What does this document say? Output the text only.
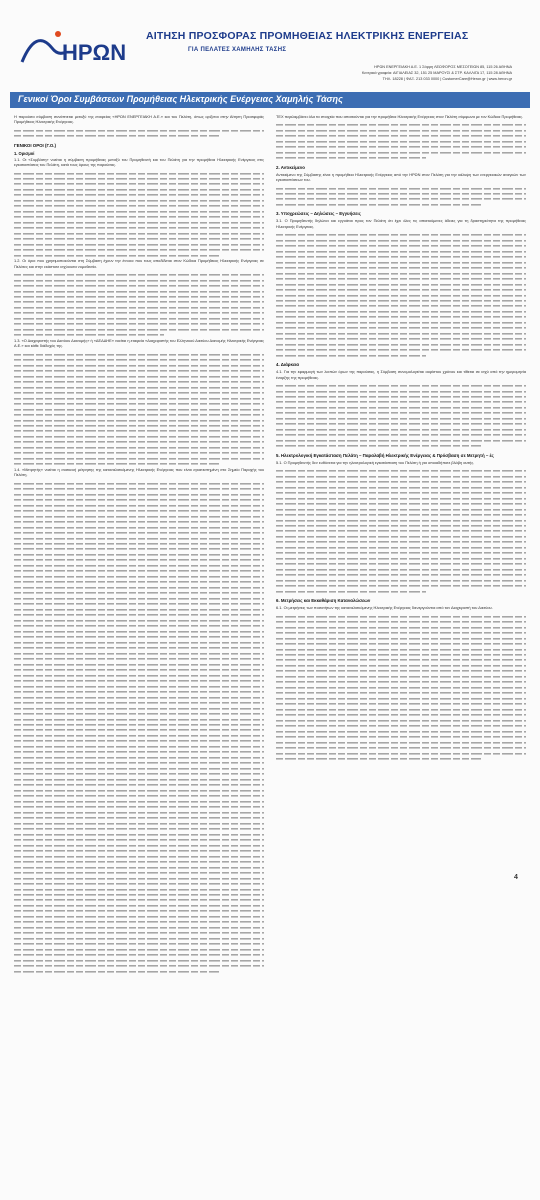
ΗΡΩΝ
ΑΙΤΗΣΗ ΠΡΟΣΦΟΡΑΣ ΠΡΟΜΗΘΕΙΑΣ ΗΛΕΚΤΡΙΚΗΣ ΕΝΕΡΓΕΙΑΣ
ΓΙΑ ΠΕΛΑΤΕΣ ΧΑΜΗΛΗΣ ΤΑΣΗΣ
ΗΡΩΝ ΕΝΕΡΓΕΙΑΚΗ Α.Ε. 1 Σάρρη ΛΕΩΦΟΡΟΣ ΜΕΣΟΓΕΙΩΝ 85, 115 26 ΑΘΗΝΑ
Κεντρικά γραφεία: ΑΙΓΙΑΛΕΙΑΣ 32, 151 25 ΜΑΡΟΥΣΙ & ΣΤΡ. ΚΑΛΛΙΓΑ 17, 115 28 ΑΘΗΝΑ
ΤΗΛ. 18228 | ΦΑΞ. 213 033 0000 | CustomerCare@Heron.gr | www.heron.gr
Γενικοί Όροι Συμβάσεων Προμήθειας Ηλεκτρικής Ενέργειας Χαμηλής Τάσης
Η παρούσα σύμβαση συνάπτεται μεταξύ της εταιρείας «ΗΡΩΝ ΕΝΕΡΓΕΙΑΚΗ Α.Ε.» και του Πελάτη, όπως ορίζεται στην Αίτηση Προσφοράς Προμήθειας Ηλεκτρικής Ενέργειας.
ΓΕΝΙΚΟΙ ΟΡΟΙ (Γ.Ο.)
1. Ορισμοί
1.1. Οι «Συμβάση» νοείται η σύμβαση προμήθειας μεταξύ του Προμηθευτή και του Πελάτη για την προμήθεια Ηλεκτρικής Ενέργειας στις εγκαταστάσεις του Πελάτη, κατά τους όρους της παρούσας.
1.2. Οι όροι που χρησιμοποιούνται στη Σύμβαση έχουν την έννοια που τους αποδίδεται στον Κώδικα Προμήθειας Ηλεκτρικής Ενέργειας σε Πελάτες και στην εκάστοτε ισχύουσα νομοθεσία.
1.3. «Ο Διαχειριστής του Δικτύου Διανομής» ή «ΔΕΔΔΗΕ» νοείται η εταιρεία «Διαχειριστής του Ελληνικού Δικτύου Διανομής Ηλεκτρικής Ενέργειας Α.Ε.» και κάθε διάδοχός της.
1.4. «Μετρητής» νοείται η συσκευή μέτρησης της καταναλισκόμενης Ηλεκτρικής Ενέργειας που είναι εγκατεστημένη στο Σημείο Παροχής του Πελάτη.
ΤΕΧ περιλαμβάνει όλα τα στοιχεία που απαιτούνται για την προμήθεια Ηλεκτρικής Ενέργειας στον Πελάτη σύμφωνα με τον Κώδικα Προμήθειας.
2. Αντικείμενο
Αντικείμενο της Σύμβασης είναι η προμήθεια Ηλεκτρικής Ενέργειας από την ΗΡΩΝ στον Πελάτη για την κάλυψη των ενεργειακών αναγκών των εγκαταστάσεων του.
3. Υποχρεώσεις – Δηλώσεις – Εγγυήσεις
3.1. Ο Προμηθευτής δηλώνει και εγγυάται προς τον Πελάτη ότι έχει όλες τις απαιτούμενες άδειες για τη δραστηριότητα της προμήθειας Ηλεκτρικής Ενέργειας.
4. Διάρκεια
4.1. Για την εφαρμογή των λοιπών όρων της παρούσας, η Σύμβαση συνομολογείται αορίστου χρόνου και τίθεται σε ισχύ από την ημερομηνία έναρξης της προμήθειας.
5. Ηλεκτρολογική Εγκατάσταση Πελάτη – Παραλαβή Ηλεκτρικής Ενέργειας & Πρόσβαση σε Μετρητή – ές
5.1. Ο Προμηθευτής δεν ευθύνεται για την ηλεκτρολογική εγκατάσταση του Πελάτη ή για οποιαδήποτε βλάβη αυτής.
6. Μετρήσεις και Εκκαθάριση Καταναλώσεων
6.1. Οι μετρήσεις των ποσοτήτων της καταναλισκόμενης Ηλεκτρικής Ενέργειας διενεργούνται από τον Διαχειριστή του Δικτύου.
4
